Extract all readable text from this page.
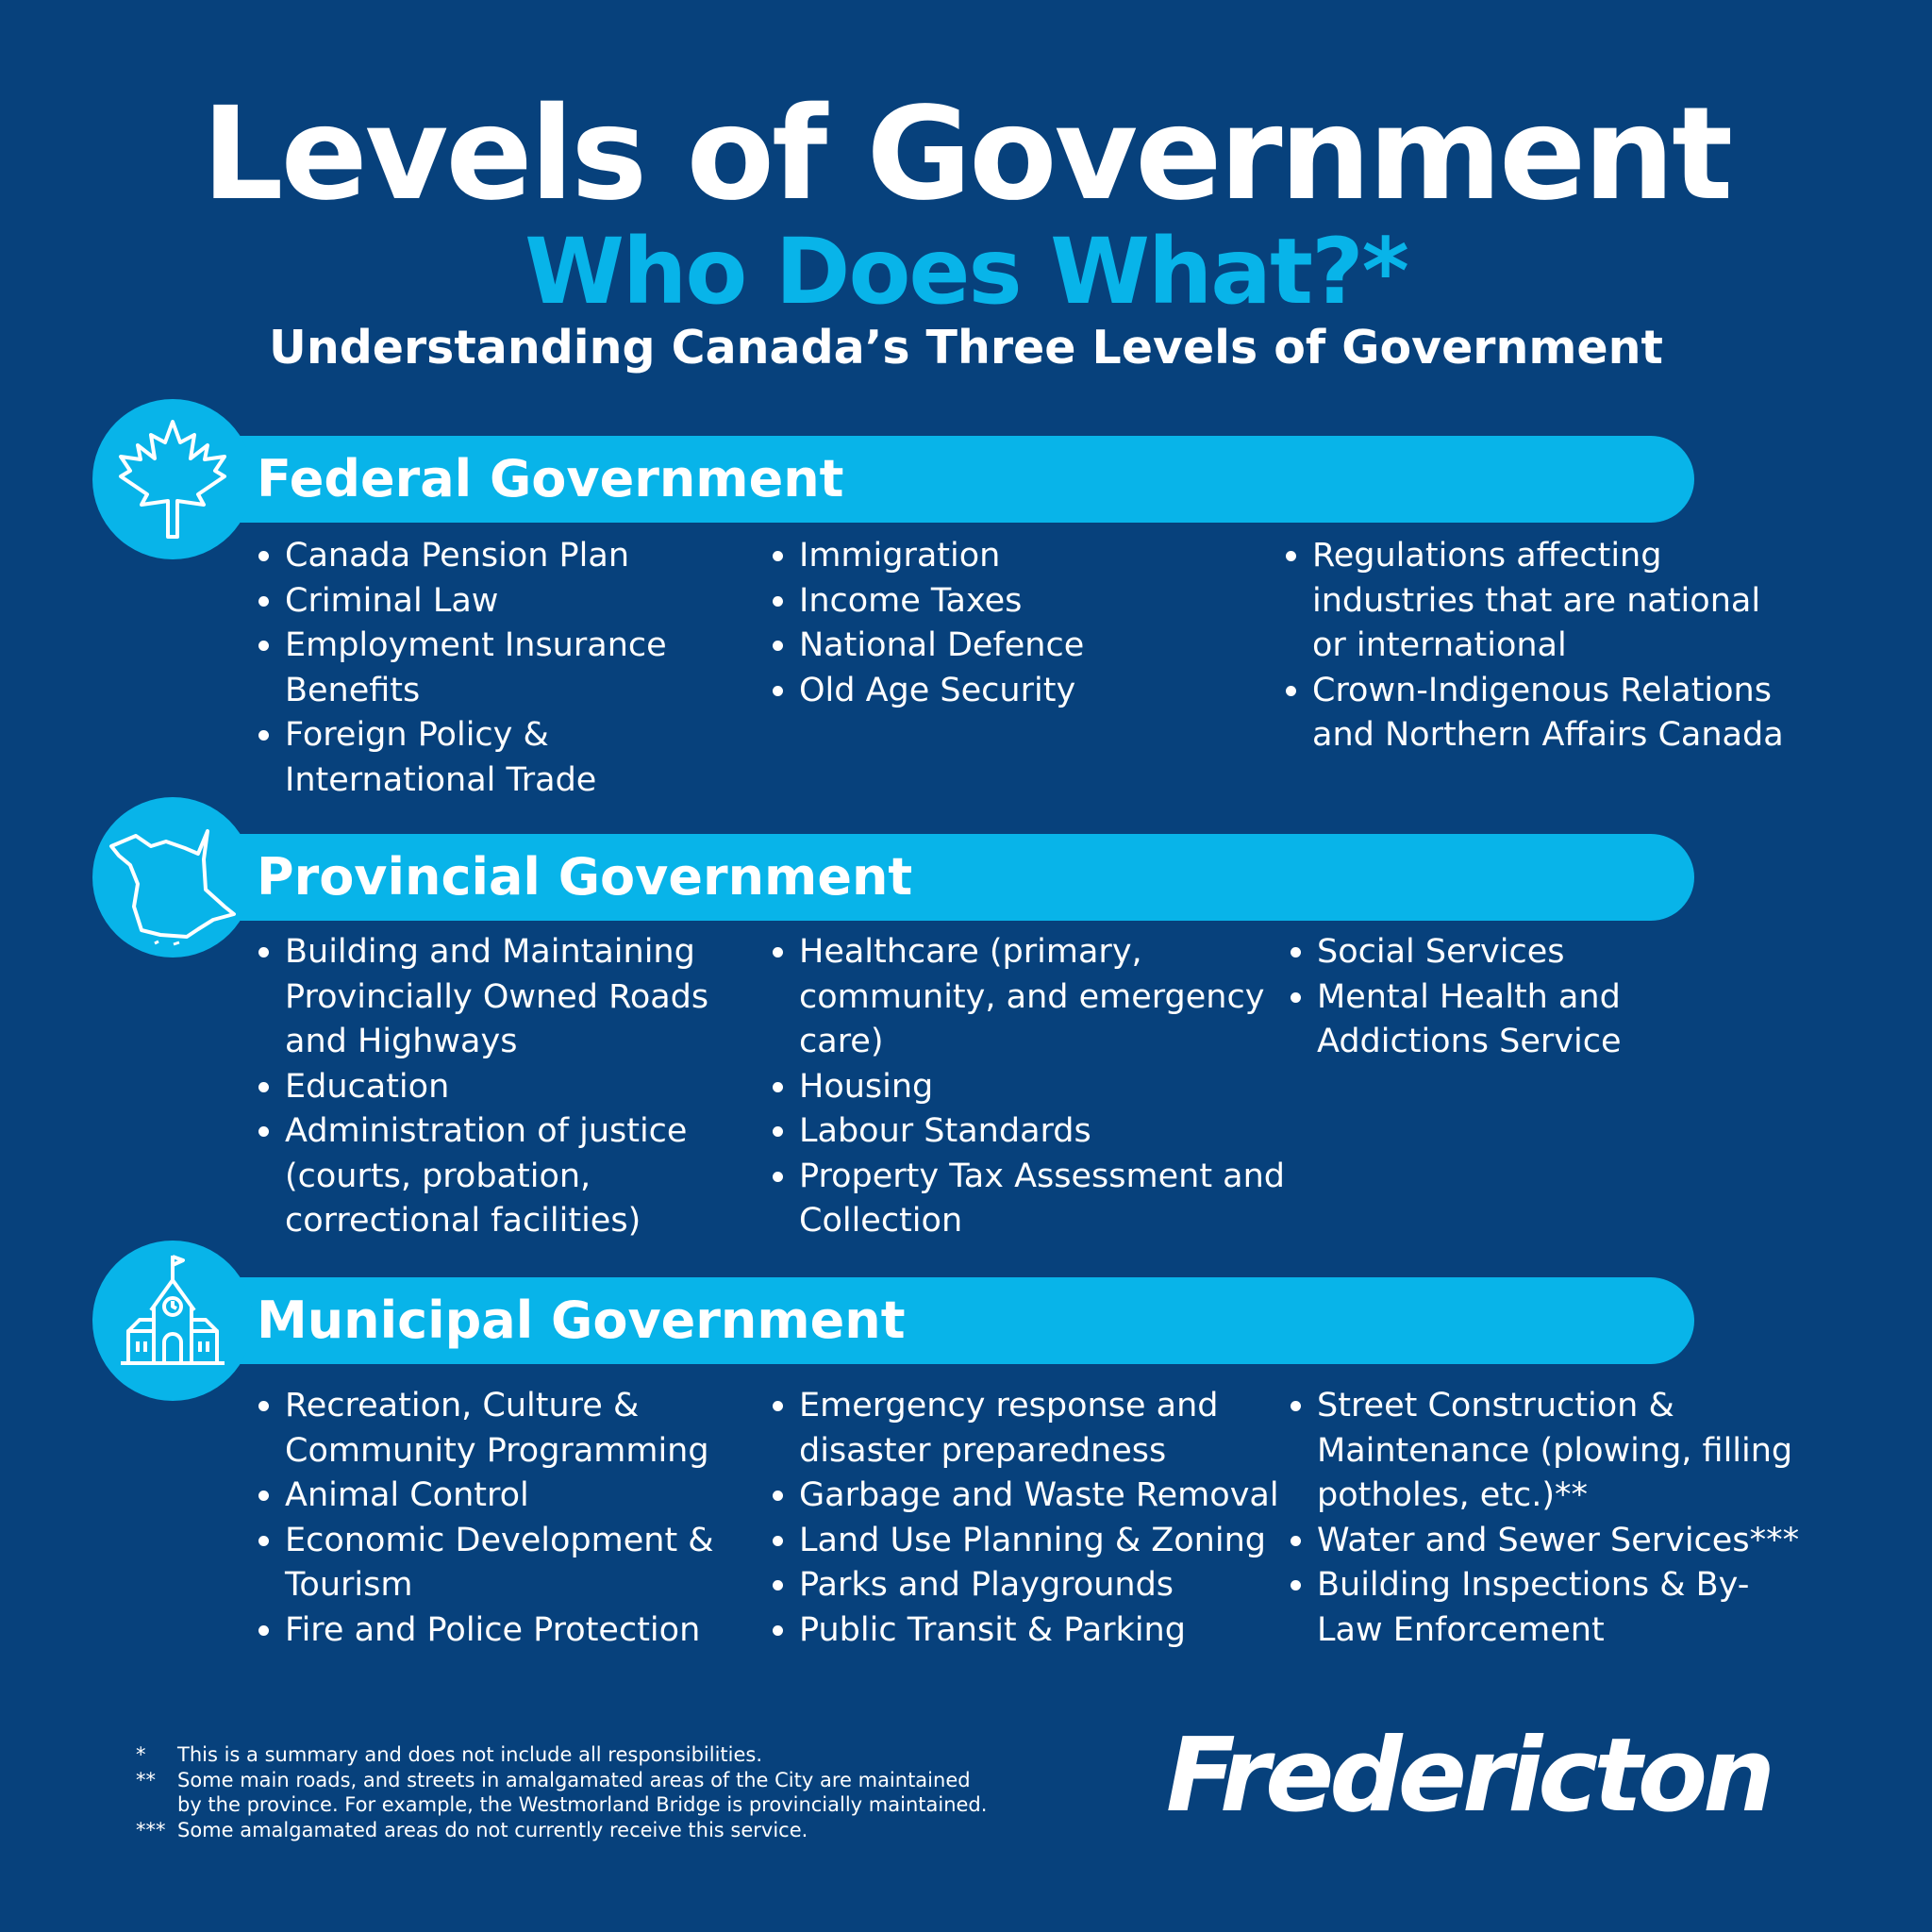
Levels of Government
Who Does What?*
Understanding Canada’s Three Levels of Government
Federal Government
Canada Pension Plan
Criminal Law
Employment Insurance
Benefits
Foreign Policy &
International Trade
Immigration
Income Taxes
National Defence
Old Age Security
Regulations affecting
industries that are national
or international
Crown-Indigenous Relations
and Northern Affairs Canada
Provincial Government
Building and Maintaining
Provincially Owned Roads
and Highways
Education
Administration of justice
(courts, probation,
correctional facilities)
Healthcare (primary,
community, and emergency
care)
Housing
Labour Standards
Property Tax Assessment and
Collection
Social Services
Mental Health and
Addictions Service
Municipal Government
Recreation, Culture &
Community Programming
Animal Control
Economic Development &
Tourism
Fire and Police Protection
Emergency response and
disaster preparedness
Garbage and Waste Removal
Land Use Planning & Zoning
Parks and Playgrounds
Public Transit & Parking
Street Construction &
Maintenance (plowing, filling
potholes, etc.)**
Water and Sewer Services***
Building Inspections & By-
Law Enforcement
*	This is a summary and does not include all responsibilities.
**	Some main roads, and streets in amalgamated areas of the City are maintained
by the province. For example, the Westmorland Bridge is provincially maintained.
*** Some amalgamated areas do not currently receive this service.	Fredericton
